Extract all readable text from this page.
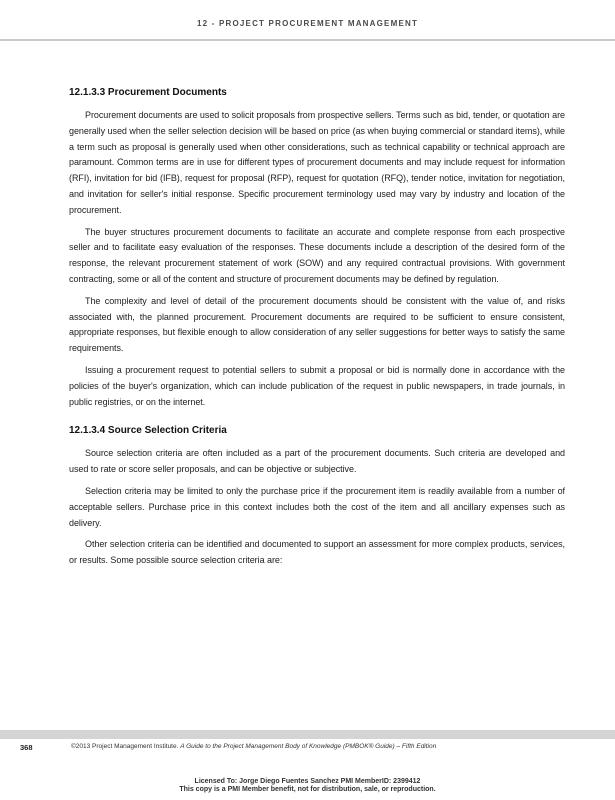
12 - PROJECT PROCUREMENT MANAGEMENT
12.1.3.3 Procurement Documents

Procurement documents are used to solicit proposals from prospective sellers. Terms such as bid, tender, or quotation are generally used when the seller selection decision will be based on price (as when buying commercial or standard items), while a term such as proposal is generally used when other considerations, such as technical capability or technical approach are paramount. Common terms are in use for different types of procurement documents and may include request for information (RFI), invitation for bid (IFB), request for proposal (RFP), request for quotation (RFQ), tender notice, invitation for negotiation, and invitation for seller's initial response. Specific procurement terminology used may vary by industry and location of the procurement.

The buyer structures procurement documents to facilitate an accurate and complete response from each prospective seller and to facilitate easy evaluation of the responses. These documents include a description of the desired form of the response, the relevant procurement statement of work (SOW) and any required contractual provisions. With government contracting, some or all of the content and structure of procurement documents may be defined by regulation.

The complexity and level of detail of the procurement documents should be consistent with the value of, and risks associated with, the planned procurement. Procurement documents are required to be sufficient to ensure consistent, appropriate responses, but flexible enough to allow consideration of any seller suggestions for better ways to satisfy the same requirements.

Issuing a procurement request to potential sellers to submit a proposal or bid is normally done in accordance with the policies of the buyer's organization, which can include publication of the request in public newspapers, in trade journals, in public registries, or on the internet.

12.1.3.4 Source Selection Criteria

Source selection criteria are often included as a part of the procurement documents. Such criteria are developed and used to rate or score seller proposals, and can be objective or subjective.

Selection criteria may be limited to only the purchase price if the procurement item is readily available from a number of acceptable sellers. Purchase price in this context includes both the cost of the item and all ancillary expenses such as delivery.

Other selection criteria can be identified and documented to support an assessment for more complex products, services, or results. Some possible source selection criteria are:

368	©2013 Project Management Institute. A Guide to the Project Management Body of Knowledge (PMBOK® Guide) – Fifth Edition
Licensed To: Jorge Diego Fuentes Sanchez PMI MemberID: 2399412
This copy is a PMI Member benefit, not for distribution, sale, or reproduction.
